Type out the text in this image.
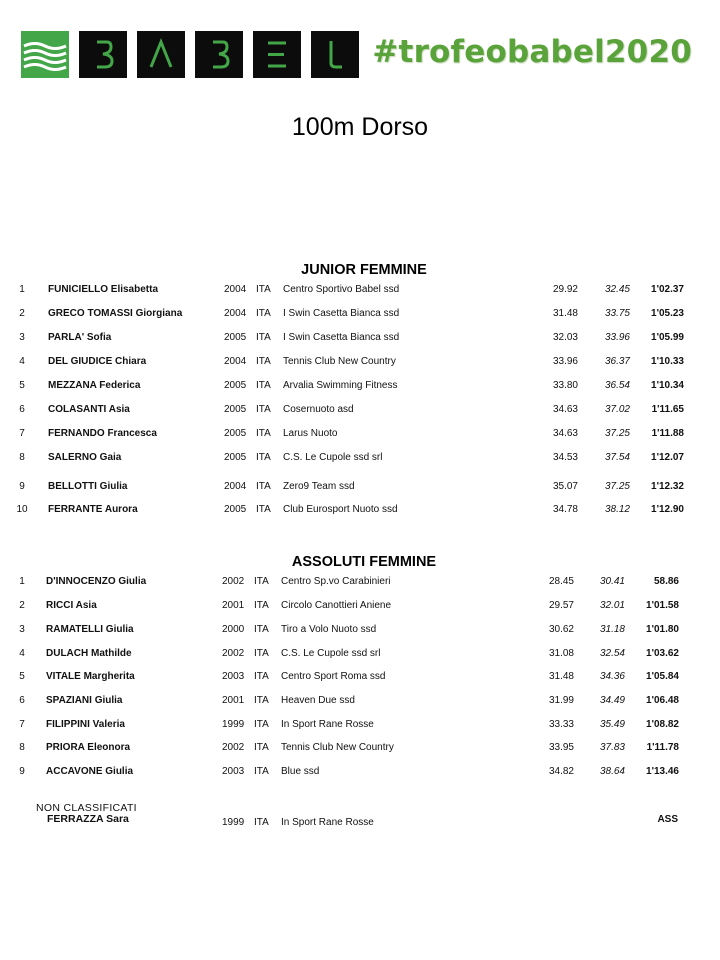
#trofeobabel2020
100m Dorso
JUNIOR FEMMINE
1	FUNICIELLO Elisabetta	2004 ITA Centro Sportivo Babel ssd	29.92	32.45	1'02.37
2	GRECO TOMASSI Giorgiana	2004 ITA I Swin Casetta Bianca ssd	31.48	33.75	1'05.23
3	PARLA' Sofia	2005 ITA I Swin Casetta Bianca ssd	32.03	33.96	1'05.99
4	DEL GIUDICE Chiara	2004 ITA Tennis Club New Country	33.96	36.37	1'10.33
5	MEZZANA Federica	2005 ITA Arvalia Swimming Fitness	33.80	36.54	1'10.34
6	COLASANTI Asia	2005 ITA Cosernuoto asd	34.63	37.02	1'11.65
7	FERNANDO Francesca	2005 ITA Larus Nuoto	34.63	37.25	1'11.88
8	SALERNO Gaia	2005 ITA C.S. Le Cupole ssd srl	34.53	37.54	1'12.07
9	BELLOTTI Giulia	2004 ITA Zero9 Team ssd	35.07	37.25	1'12.32
10 FERRANTE Aurora	2005 ITA Club Eurosport Nuoto ssd	34.78	38.12	1'12.90
ASSOLUTI FEMMINE
1	D'INNOCENZO Giulia	2002 ITA Centro Sp.vo Carabinieri	28.45	30.41	58.86
2	RICCI Asia	2001 ITA Circolo Canottieri Aniene	29.57	32.01	1'01.58
3	RAMATELLI Giulia	2000 ITA Tiro a Volo Nuoto ssd	30.62	31.18	1'01.80
4	DULACH Mathilde	2002 ITA C.S. Le Cupole ssd srl	31.08	32.54	1'03.62
5	VITALE Margherita	2003 ITA Centro Sport Roma ssd	31.48	34.36	1'05.84
6	SPAZIANI Giulia	2001 ITA Heaven Due ssd	31.99	34.49	1'06.48
7	FILIPPINI Valeria	1999 ITA In Sport Rane Rosse	33.33	35.49	1'08.82
8	PRIORA Eleonora	2002 ITA Tennis Club New Country	33.95	37.83	1'11.78
9	ACCAVONE Giulia	2003 ITA Blue ssd	34.82	38.64	1'13.46
NON CLASSIFICATI
FERRAZZA Sara	1999 ITA In Sport Rane Rosse	ASS
